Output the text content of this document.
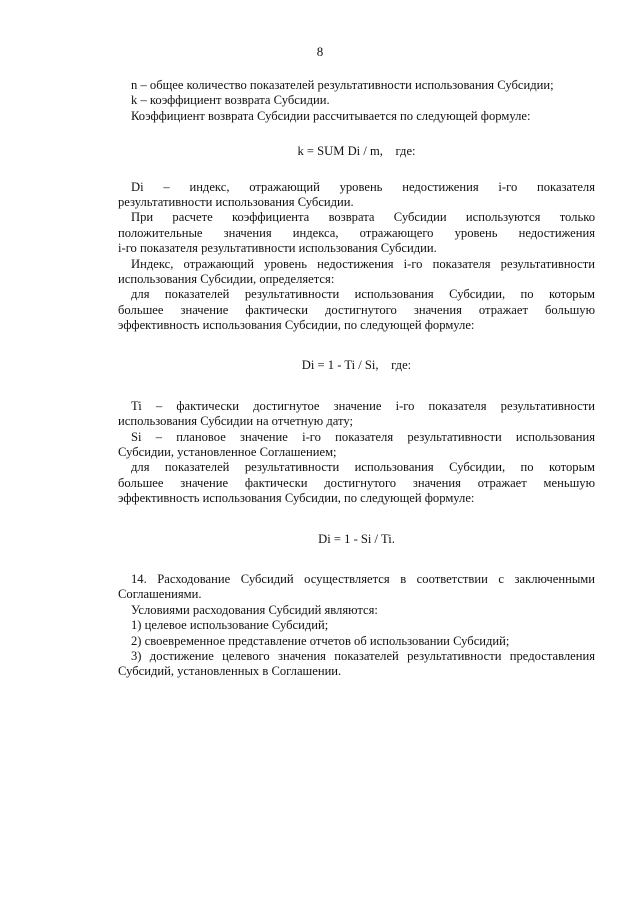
8
n – общее количество показателей результативности использования Субсидии;
k – коэффициент возврата Субсидии.
Коэффициент возврата Субсидии рассчитывается по следующей формуле:
k = SUM Di / m,    где:
Di – индекс, отражающий уровень недостижения i-го показателя
результативности использования Субсидии.
При расчете коэффициента возврата Субсидии используются только
положительные значения индекса, отражающего уровень недостижения
i-го показателя результативности использования Субсидии.
Индекс, отражающий уровень недостижения i-го показателя результативности
использования Субсидии, определяется:
для показателей результативности использования Субсидии, по которым
большее значение фактически достигнутого значения отражает большую
эффективность использования Субсидии, по следующей формуле:
Di = 1 - Ti / Si,    где:
Ti – фактически достигнутое значение i-го показателя результативности
использования Субсидии на отчетную дату;
Si – плановое значение i-го показателя результативности использования
Субсидии, установленное Соглашением;
для показателей результативности использования Субсидии, по которым
большее значение фактически достигнутого значения отражает меньшую
эффективность использования Субсидии, по следующей формуле:
Di = 1 - Si / Ti.
14. Расходование Субсидий осуществляется в соответствии с заключенными
Соглашениями.
Условиями расходования Субсидий являются:
1) целевое использование Субсидий;
2) своевременное представление отчетов об использовании Субсидий;
3) достижение целевого значения показателей результативности предоставления
Субсидий, установленных в Соглашении.
